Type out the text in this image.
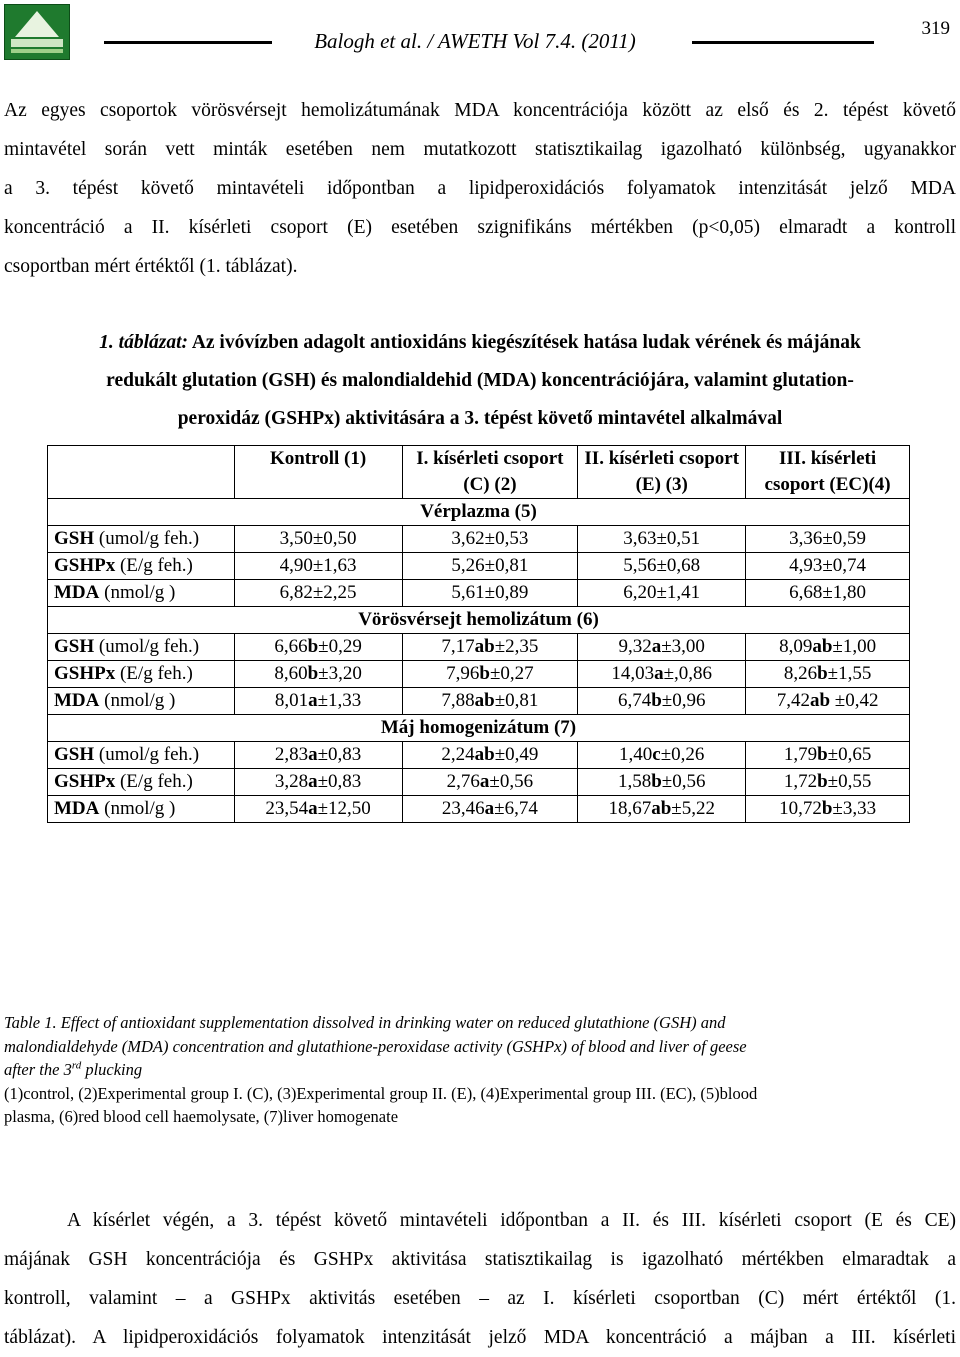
Balogh et al. / AWETH Vol 7.4. (2011)
319
Az egyes csoportok vörösvérsejt hemolizátumának MDA koncentrációja között az első és 2. tépést követő
mintavétel során vett minták esetében nem mutatkozott statisztikailag igazolható különbség, ugyanakkor
a 3. tépést követő mintavételi időpontban a lipidperoxidációs folyamatok intenzitását jelző MDA
koncentráció a II. kísérleti csoport (E) esetében szignifikáns mértékben (p<0,05) elmaradt a kontroll
csoportban mért értéktől (1. táblázat).
1. táblázat: Az ivóvízben adagolt antioxidáns kiegészítések hatása ludak vérének és májának
redukált glutation (GSH) és malondialdehid (MDA) koncentrációjára, valamint glutation-
peroxidáz (GSHPx) aktivitására a 3. tépést követő mintavétel alkalmával
	Kontroll (1)	I. kísérleti csoport (C) (2)	II. kísérleti csoport (E) (3)	III. kísérleti csoport (EC)(4)
Vérplazma (5)				
GSH (umol/g feh.)	3,50±0,50	3,62±0,53	3,63±0,51	3,36±0,59
GSHPx (E/g feh.)	4,90±1,63	5,26±0,81	5,56±0,68	4,93±0,74
MDA (nmol/g )	6,82±2,25	5,61±0,89	6,20±1,41	6,68±1,80
Vörösvérsejt hemolizátum (6)				
GSH (umol/g feh.)	6,66b±0,29	7,17ab±2,35	9,32a±3,00	8,09ab±1,00
GSHPx (E/g feh.)	8,60b±3,20	7,96b±0,27	14,03a±,0,86	8,26b±1,55
MDA (nmol/g )	8,01a±1,33	7,88ab±0,81	6,74b±0,96	7,42ab ±0,42
Máj homogenizátum (7)				
GSH (umol/g feh.)	2,83a±0,83	2,24ab±0,49	1,40c±0,26	1,79b±0,65
GSHPx (E/g feh.)	3,28a±0,83	2,76a±0,56	1,58b±0,56	1,72b±0,55
MDA (nmol/g )	23,54a±12,50	23,46a±6,74	18,67ab±5,22	10,72b±3,33
Table 1. Effect of antioxidant supplementation dissolved in drinking water on reduced glutathione (GSH) and
malondialdehyde (MDA) concentration and glutathione-peroxidase activity (GSHPx) of blood and liver of geese
after the 3rd plucking
(1)control, (2)Experimental group I. (C), (3)Experimental group II. (E), (4)Experimental group III. (EC), (5)blood
plasma, (6)red blood cell haemolysate, (7)liver homogenate
A kísérlet végén, a 3. tépést követő mintavételi időpontban a II. és III. kísérleti csoport (E és CE)
májának GSH koncentrációja és GSHPx aktivitása statisztikailag is igazolható mértékben elmaradtak a
kontroll, valamint – a GSHPx aktivitás esetében – az I. kísérleti csoportban (C) mért értéktől (1.
táblázat). A lipidperoxidációs folyamatok intenzitását jelző MDA koncentráció a májban a III. kísérleti
